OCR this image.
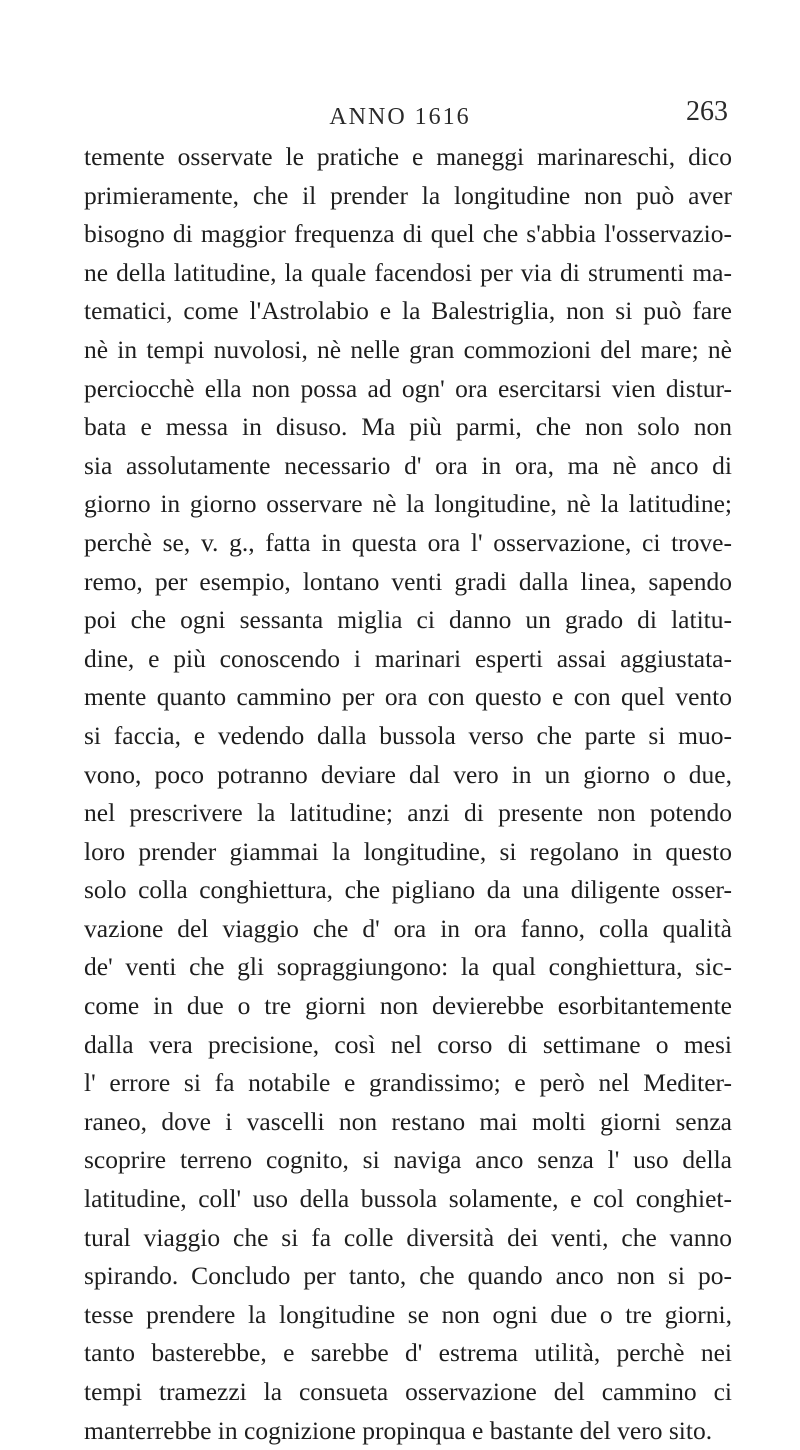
ANNO 1616	263
temente osservate le pratiche e maneggi marinareschi, dico
primieramente, che il prender la longitudine non può aver
bisogno di maggior frequenza di quel che s'abbia l'osservazio-
ne della latitudine, la quale facendosi per via di strumenti ma-
tematici, come l'Astrolabio e la Balestriglia, non si può fare
nè in tempi nuvolosi, nè nelle gran commozioni del mare; nè
perciocchè ella non possa ad ogn' ora esercitarsi vien distur-
bata e messa in disuso. Ma più parmi, che non solo non
sia assolutamente necessario d' ora in ora, ma nè anco di
giorno in giorno osservare nè la longitudine, nè la latitudine;
perchè se, v. g., fatta in questa ora l' osservazione, ci trove-
remo, per esempio, lontano venti gradi dalla linea, sapendo
poi che ogni sessanta miglia ci danno un grado di latitu-
dine, e più conoscendo i marinari esperti assai aggiustata-
mente quanto cammino per ora con questo e con quel vento
si faccia, e vedendo dalla bussola verso che parte si muo-
vono, poco potranno deviare dal vero in un giorno o due,
nel prescrivere la latitudine; anzi di presente non potendo
loro prender giammai la longitudine, si regolano in questo
solo colla conghiettura, che pigliano da una diligente osser-
vazione del viaggio che d' ora in ora fanno, colla qualità
de' venti che gli sopraggiungono: la qual conghiettura, sic-
come in due o tre giorni non devierebbe esorbitantemente
dalla vera precisione, così nel corso di settimane o mesi
l' errore si fa notabile e grandissimo; e però nel Mediter-
raneo, dove i vascelli non restano mai molti giorni senza
scoprire terreno cognito, si naviga anco senza l' uso della
latitudine, coll' uso della bussola solamente, e col conghiet-
tural viaggio che si fa colle diversità dei venti, che vanno
spirando. Concludo per tanto, che quando anco non si po-
tesse prendere la longitudine se non ogni due o tre giorni,
tanto basterebbe, e sarebbe d' estrema utilità, perchè nei
tempi tramezzi la consueta osservazione del cammino ci
manterrebbe in cognizione propinqua e bastante del vero sito.
